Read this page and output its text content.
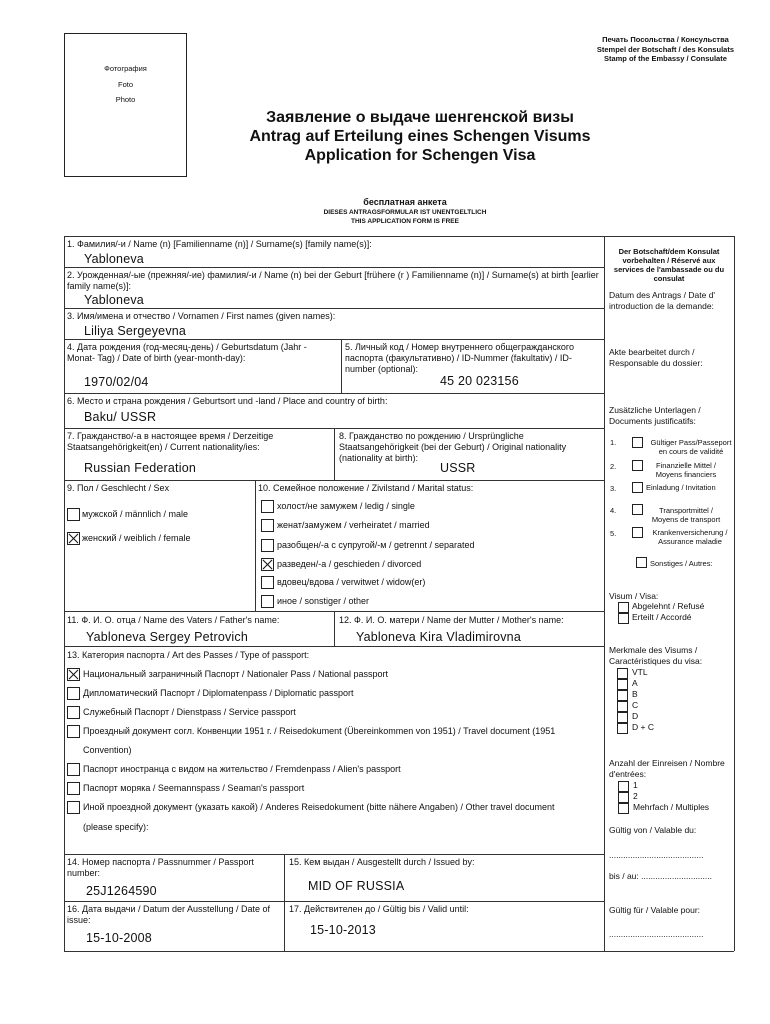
Фотография
Foto
Photo
Печать Посольства / Консульства
Stempel der Botschaft / des Konsulats
Stamp of the Embassy / Consulate
Заявление о выдаче шенгенской визы
Antrag auf Erteilung eines Schengen Visums
Application for Schengen Visa
бесплатная анкета
DIESES ANTRAGSFORMULAR IST UNENTGELTLICH
THIS APPLICATION FORM IS FREE
1. Фамилия/-и / Name (n) [Familienname (n)] / Surname(s) [family name(s)]:
Yabloneva
2. Урожденная/-ые (прежняя/-ие) фамилия/-и / Name (n) bei der Geburt [frühere (r ) Familienname (n)] / Surname(s) at birth [earlier family name(s)]:
Yabloneva
3. Имя/имена и отчество / Vornamen / First names (given names):
Liliya Sergeyevna
4. Дата рождения (год-месяц-день) / Geburtsdatum (Jahr - Monat- Tag) / Date of birth (year-month-day):
1970/02/04
5. Личный код / Номер внутреннего общегражданского паспорта (факультативно) / ID-Nummer (fakultativ) / ID-number (optional):
45 20 023156
6. Место и страна рождения / Geburtsort und -land / Place and country of birth:
Baku/ USSR
7. Гражданство/-а в настоящее время / Derzeitige Staatsangehörigkeit(en) / Current nationality/ies:
Russian Federation
8. Гражданство по рождению / Ursprüngliche Staatsangehörigkeit (bei der Geburt) / Original nationality (nationality at birth):
USSR
9. Пол / Geschlecht / Sex
мужской / männlich / male
женский / weiblich / female
10. Семейное положение / Zivilstand / Marital status:
холост/не замужем / ledig / single
женат/замужем / verheiratet / married
разобщен/-а с супругой/-м / getrennt / separated
разведен/-а / geschieden / divorced
вдовец/вдова / verwitwet / widow(er)
иное / sonstiger / other
11. Ф. И. О. отца / Name des Vaters / Father's name:
Yabloneva Sergey Petrovich
12. Ф. И. О. матери / Name der Mutter / Mother's name:
Yabloneva Kira Vladimirovna
13. Категория паспорта / Art des Passes / Type of passport:
Национальный заграничный Паспорт / Nationaler Pass / National passport
Дипломатический Паспорт / Diplomatenpass / Diplomatic passport
Служебный Паспорт / Dienstpass / Service passport
Проездный документ согл. Конвенции 1951 г. / Reisedokument (Übereinkommen von 1951) / Travel document (1951
Convention)
Паспорт иностранца с видом на жительство / Fremdenpass / Alien's passport
Паспорт моряка / Seemannspass / Seaman's passport
Иной проездной документ (указать какой) / Anderes Reisedokument (bitte nähere Angaben) / Other travel document
(please specify):
14. Номер паспорта / Passnummer / Passport number:
25J1264590
15. Кем выдан / Ausgestellt durch / Issued by:
MID OF RUSSIA
16. Дата выдачи / Datum der Ausstellung / Date of issue:
15-10-2008
17. Действителен до / Gültig bis / Valid until:
15-10-2013
Der Botschaft/dem Konsulat vorbehalten / Réservé aux services de l'ambassade ou du consulat
Datum des Antrags / Date d' introduction de la demande:
Akte bearbeitet durch / Responsable du dossier:
Zusätzliche Unterlagen / Documents justificatifs:
1.	Gültiger Pass/Passeport en cours de validité
2.	Finanzielle Mittel / Moyens financiers
3.	Einladung / Invitation
4.	Transportmittel / Moyens de transport
5.	Krankenversicherung / Assurance maladie
Sonstiges / Autres:
Visum / Visa:
Abgelehnt / Refusé
Erteilt / Accordé
Merkmale des Visums / Caractéristiques du visa:
VTL
A
B
C
D
D + C
Anzahl der Einreisen / Nombre d'entrées:
1
2
Mehrfach / Multiples
Gültig von / Valable du:
........................................
bis / au: ..............................
Gültig für / Valable pour:
........................................
